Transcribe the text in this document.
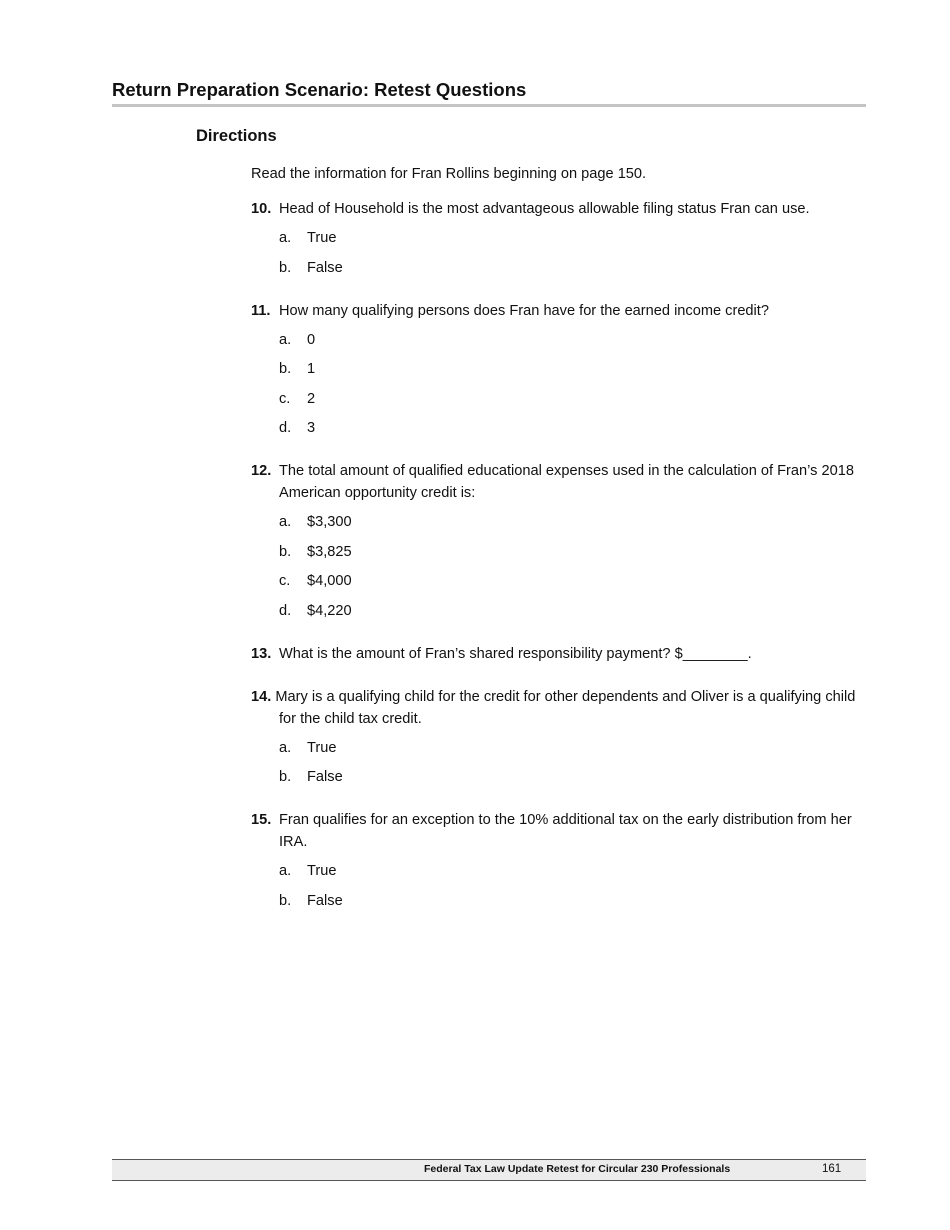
Return Preparation Scenario: Retest Questions
Directions

Read the information for Fran Rollins beginning on page 150.

10. Head of Household is the most advantageous allowable filing status Fran can use.

a.	True
b.	False

11. How many qualifying persons does Fran have for the earned income credit?

a.	0
b.	1
c.	2
d.	3

12. The total amount of qualified educational expenses used in the calculation of Fran’s 2018 American opportunity credit is:

a.	$3,300
b.	$3,825
c.	$4,000
d.	$4,220

13. What is the amount of Fran’s shared responsibility payment? $________.

14. Mary is a qualifying child for the credit for other dependents and Oliver is a qualifying child for the child tax credit.

a.	True
b.	False

15. Fran qualifies for an exception to the 10% additional tax on the early distribution from her IRA.

a.	True
b.	False
Federal Tax Law Update Retest for Circular 230 Professionals	161
